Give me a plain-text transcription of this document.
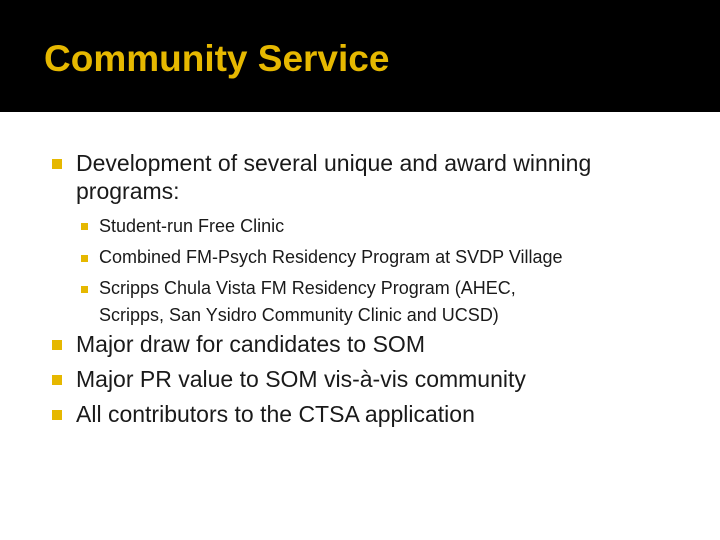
Community Service
Development of several unique and award winning
programs:
Student-run Free Clinic
Combined FM-Psych Residency Program at SVDP Village
Scripps Chula Vista FM Residency Program (AHEC,
Scripps, San Ysidro Community Clinic and UCSD)
Major draw for candidates to SOM
Major PR value to SOM vis-à-vis community
All contributors to the CTSA application
